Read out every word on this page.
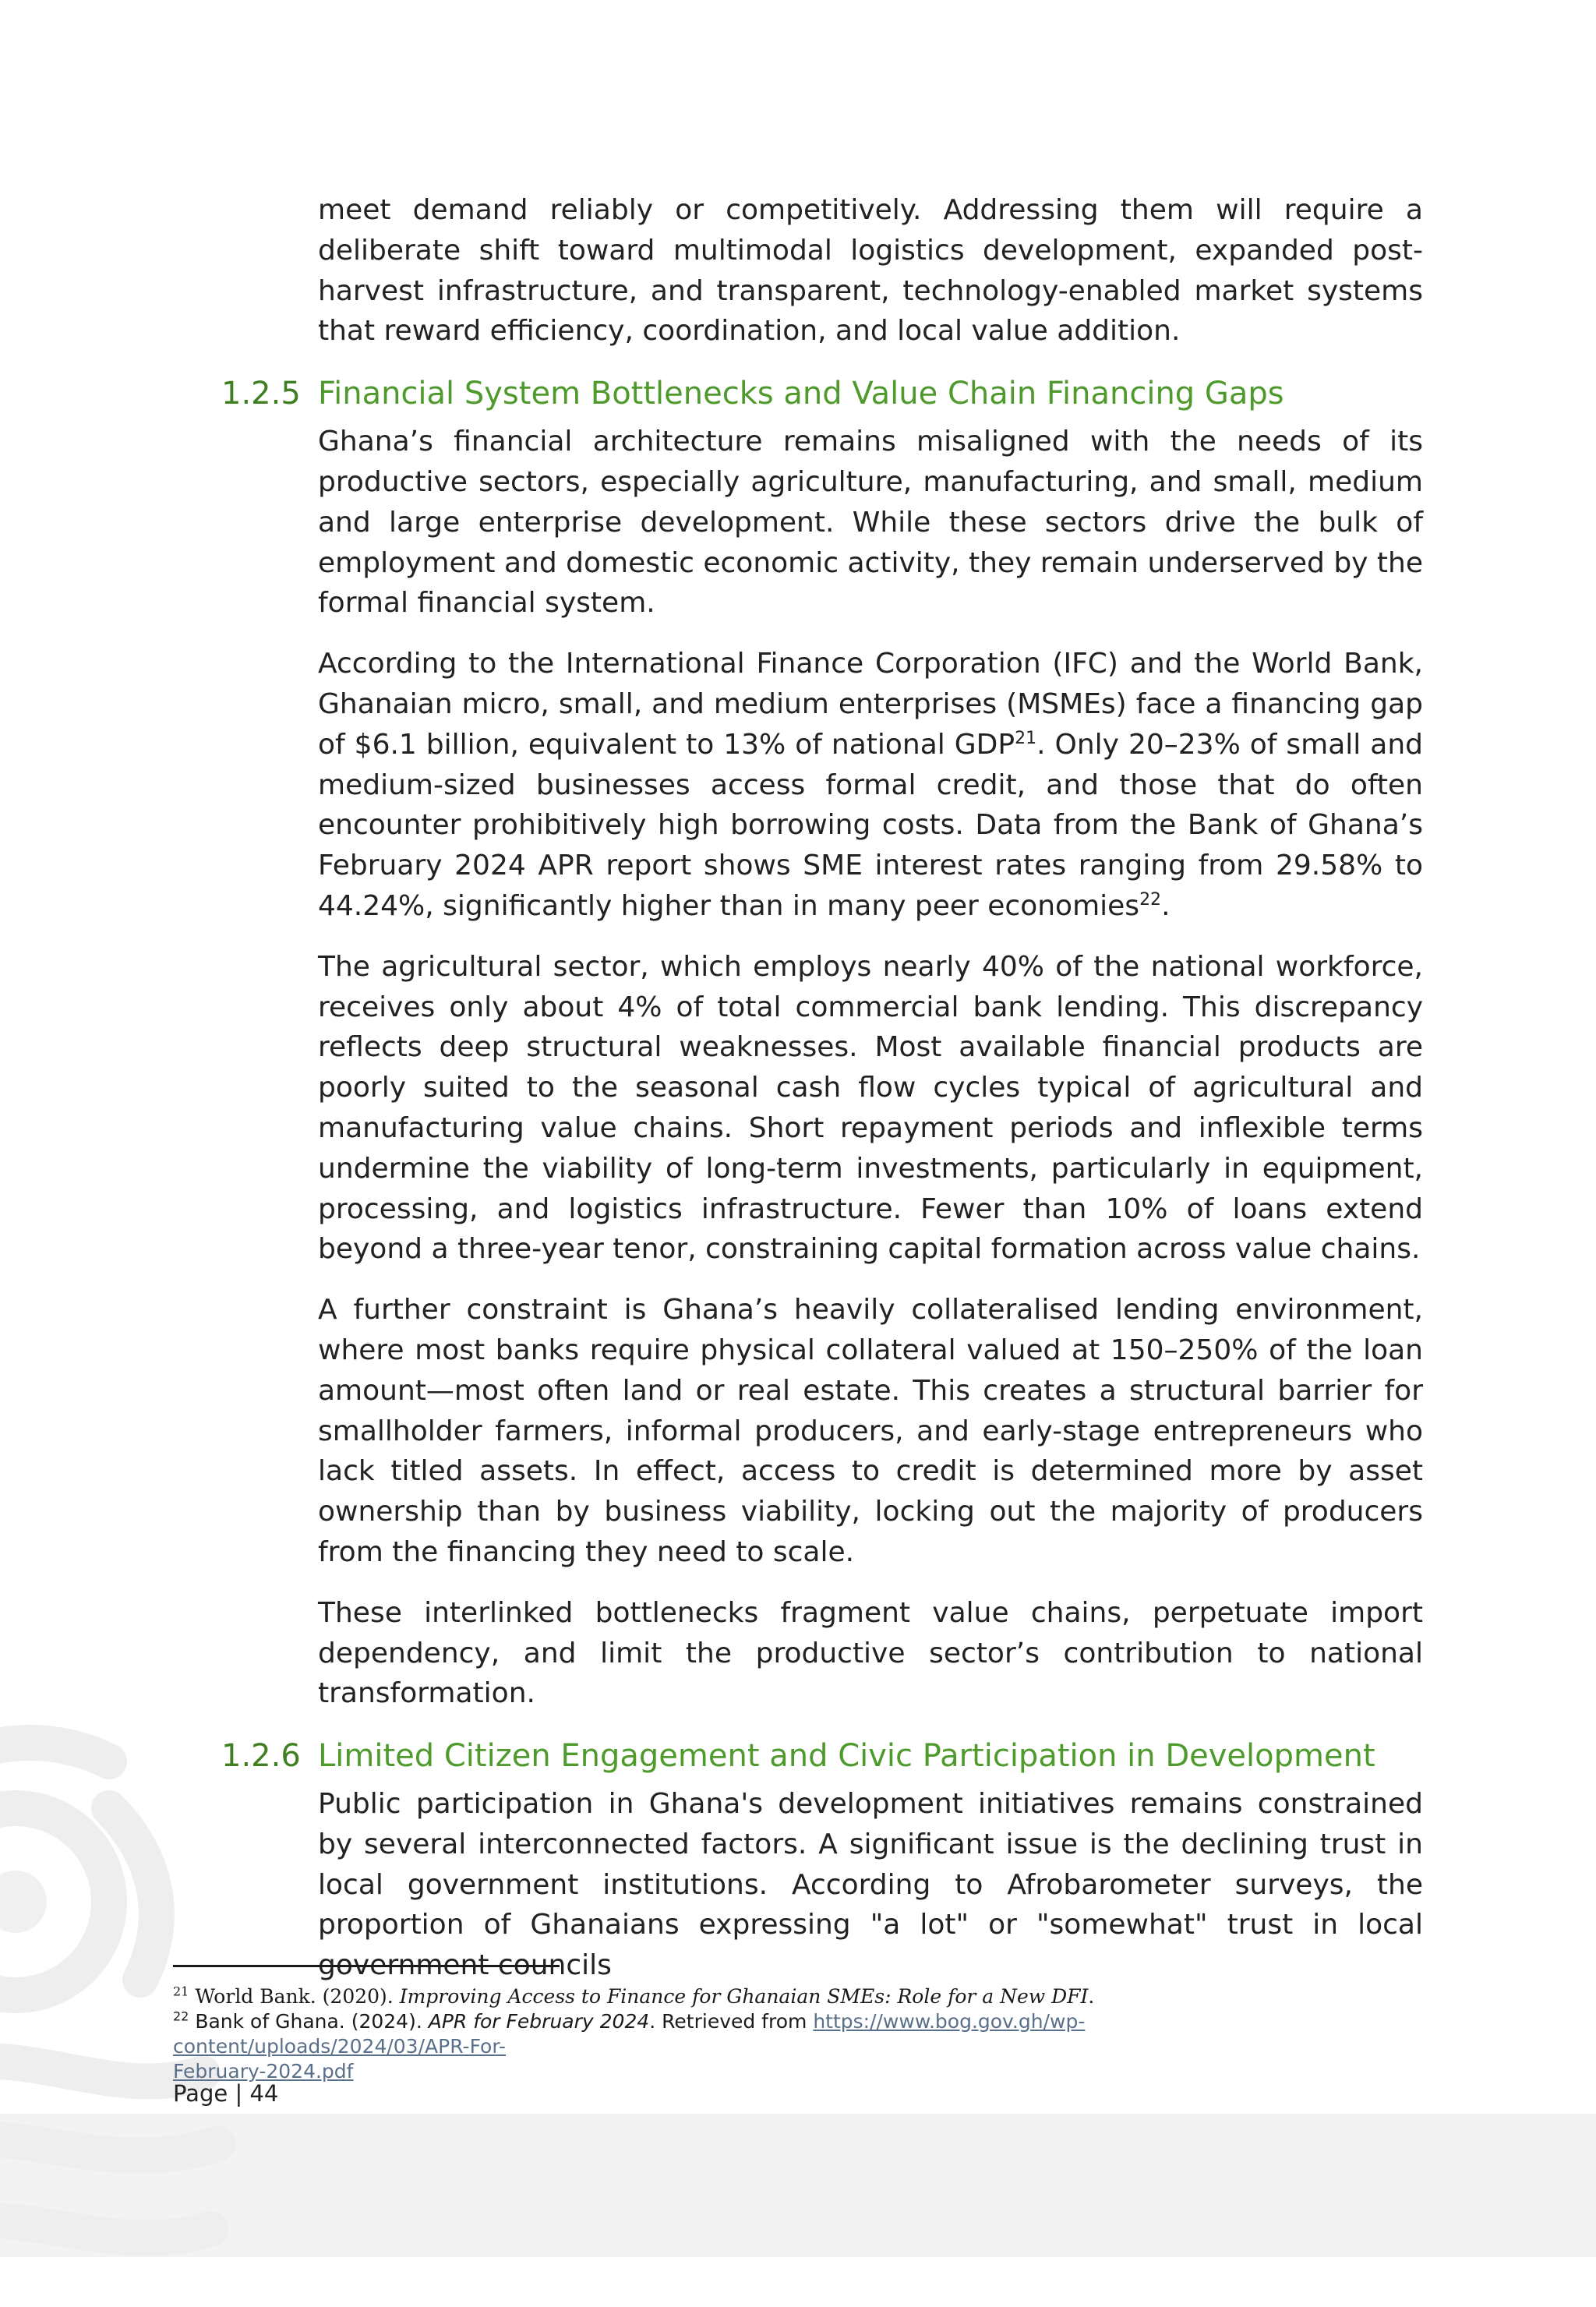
meet demand reliably or competitively. Addressing them will require a deliberate shift toward multimodal logistics development, expanded post-harvest infrastructure, and transparent, technology-enabled market systems that reward efficiency, coordination, and local value addition.

1.2.5 Financial System Bottlenecks and Value Chain Financing Gaps

Ghana’s financial architecture remains misaligned with the needs of its productive sectors, especially agriculture, manufacturing, and small, medium and large enterprise development. While these sectors drive the bulk of employment and domestic economic activity, they remain underserved by the formal financial system.

According to the International Finance Corporation (IFC) and the World Bank, Ghanaian micro, small, and medium enterprises (MSMEs) face a financing gap of $6.1 billion, equivalent to 13% of national GDP$^{21}$. Only 20–23% of small and medium-sized businesses access formal credit, and those that do often encounter prohibitively high borrowing costs. Data from the Bank of Ghana’s February 2024 APR report shows SME interest rates ranging from 29.58% to 44.24%, significantly higher than in many peer economies$^{22}$.

The agricultural sector, which employs nearly 40% of the national workforce, receives only about 4% of total commercial bank lending. This discrepancy reflects deep structural weaknesses. Most available financial products are poorly suited to the seasonal cash flow cycles typical of agricultural and manufacturing value chains. Short repayment periods and inflexible terms undermine the viability of long-term investments, particularly in equipment, processing, and logistics infrastructure. Fewer than 10% of loans extend beyond a three-year tenor, constraining capital formation across value chains.

A further constraint is Ghana’s heavily collateralised lending environment, where most banks require physical collateral valued at 150–250% of the loan amount—most often land or real estate. This creates a structural barrier for smallholder farmers, informal producers, and early-stage entrepreneurs who lack titled assets. In effect, access to credit is determined more by asset ownership than by business viability, locking out the majority of producers from the financing they need to scale.

These interlinked bottlenecks fragment value chains, perpetuate import dependency, and limit the productive sector’s contribution to national transformation.

1.2.6 Limited Citizen Engagement and Civic Participation in Development

Public participation in Ghana's development initiatives remains constrained by several interconnected factors. A significant issue is the declining trust in local government institutions. According to Afrobarometer surveys, the proportion of Ghanaians expressing "a lot" or "somewhat" trust in local government councils

$^{21}$ World Bank. (2020). Improving Access to Finance for Ghanaian SMEs: Role for a New DFI.

$^{22}$ Bank of Ghana. (2024). APR for February 2024. Retrieved from https://www.bog.gov.gh/wp-content/uploads/2024/03/APR-For-
February-2024.pdf

Page | 44
